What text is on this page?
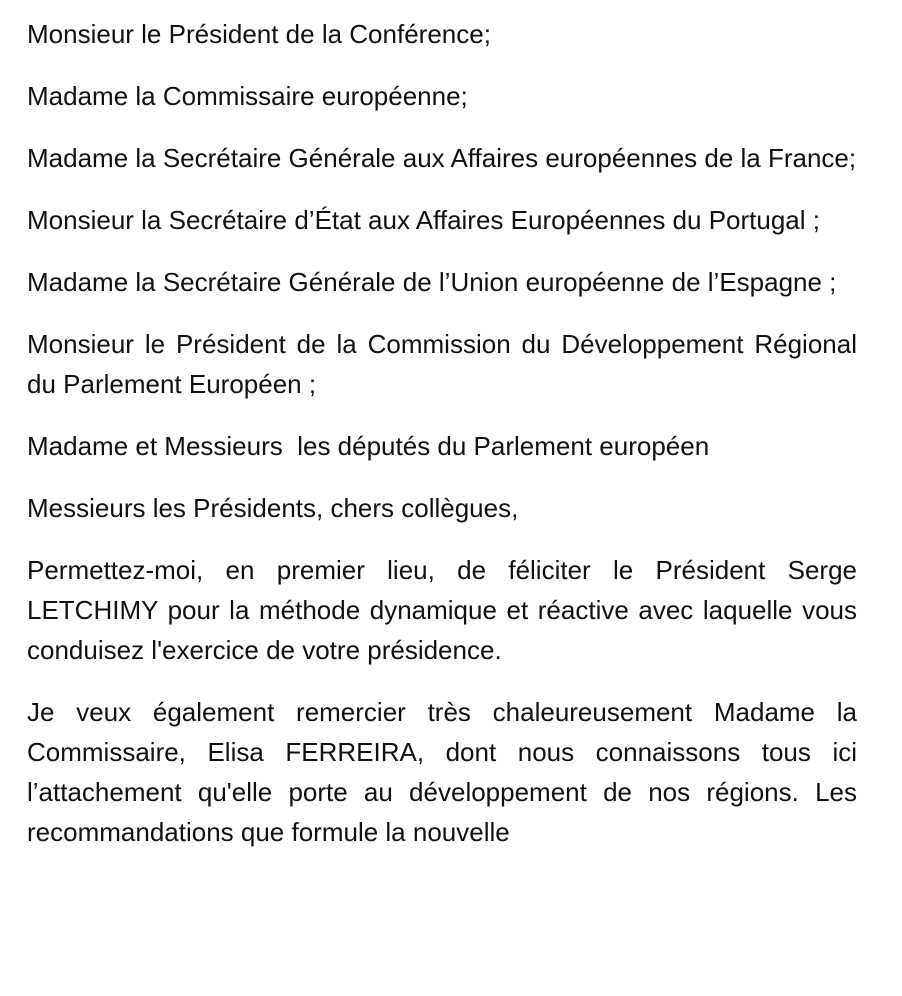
Monsieur le Président de la Conférence;

Madame la Commissaire européenne;

Madame la Secrétaire Générale aux Affaires européennes de la France;

Monsieur la Secrétaire d’État aux Affaires Européennes du Portugal ;

Madame la Secrétaire Générale de l’Union européenne de l’Espagne ;

Monsieur le Président de la Commission du Développement Régional  du Parlement Européen ;

Madame et Messieurs  les députés du Parlement européen

Messieurs les Présidents, chers collègues,

Permettez-moi, en premier lieu, de féliciter le Président Serge LETCHIMY pour la méthode dynamique et réactive avec laquelle vous conduisez l'exercice de votre présidence.

Je veux également remercier très chaleureusement Madame la Commissaire, Elisa FERREIRA, dont nous connaissons tous ici l’attachement qu'elle porte au développement de nos régions. Les recommandations que formule la nouvelle
